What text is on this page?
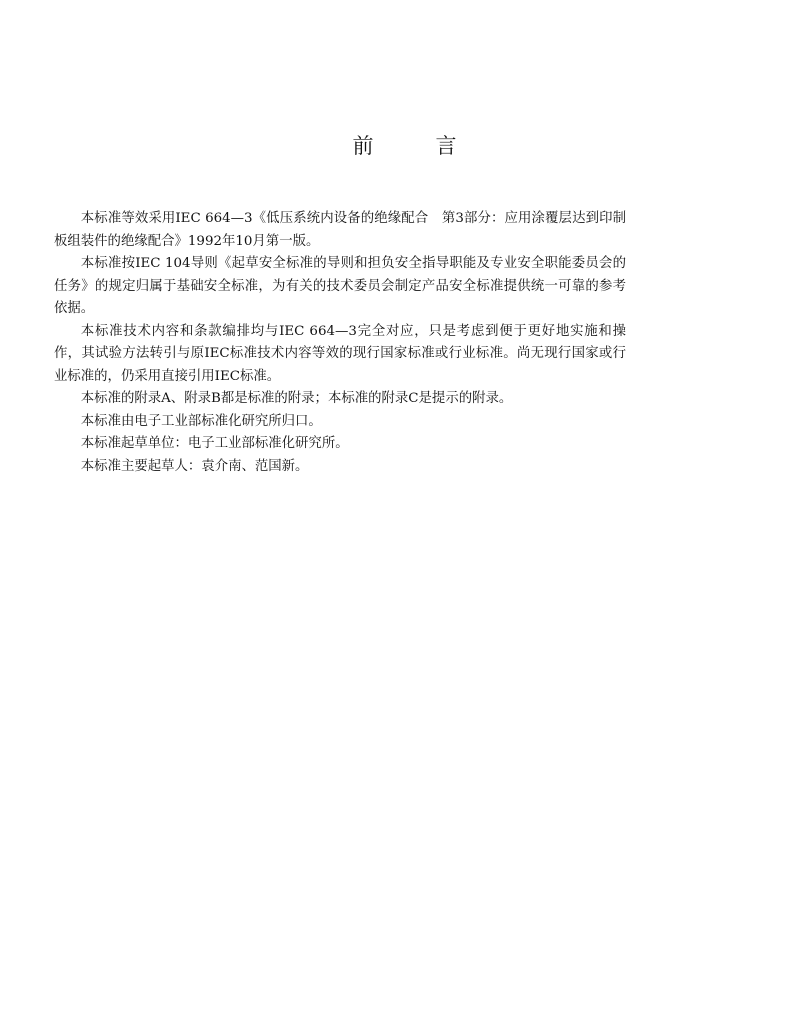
前	言

本标准等效采用IEC 664—3《低压系统内设备的绝缘配合　第3部分：应用涂覆层达到印制板组装件的绝缘配合》1992年10月第一版。

本标准按IEC 104导则《起草安全标准的导则和担负安全指导职能及专业安全职能委员会的任务》的规定归属于基础安全标准，为有关的技术委员会制定产品安全标准提供统一可靠的参考依据。

本标准技术内容和条款编排均与IEC 664—3完全对应，只是考虑到便于更好地实施和操作，其试验方法转引与原IEC标准技术内容等效的现行国家标准或行业标准。尚无现行国家或行业标准的，仍采用直接引用IEC标准。

本标准的附录A、附录B都是标准的附录；本标准的附录C是提示的附录。

本标准由电子工业部标准化研究所归口。

本标准起草单位：电子工业部标准化研究所。

本标准主要起草人：袁介南、范国新。
